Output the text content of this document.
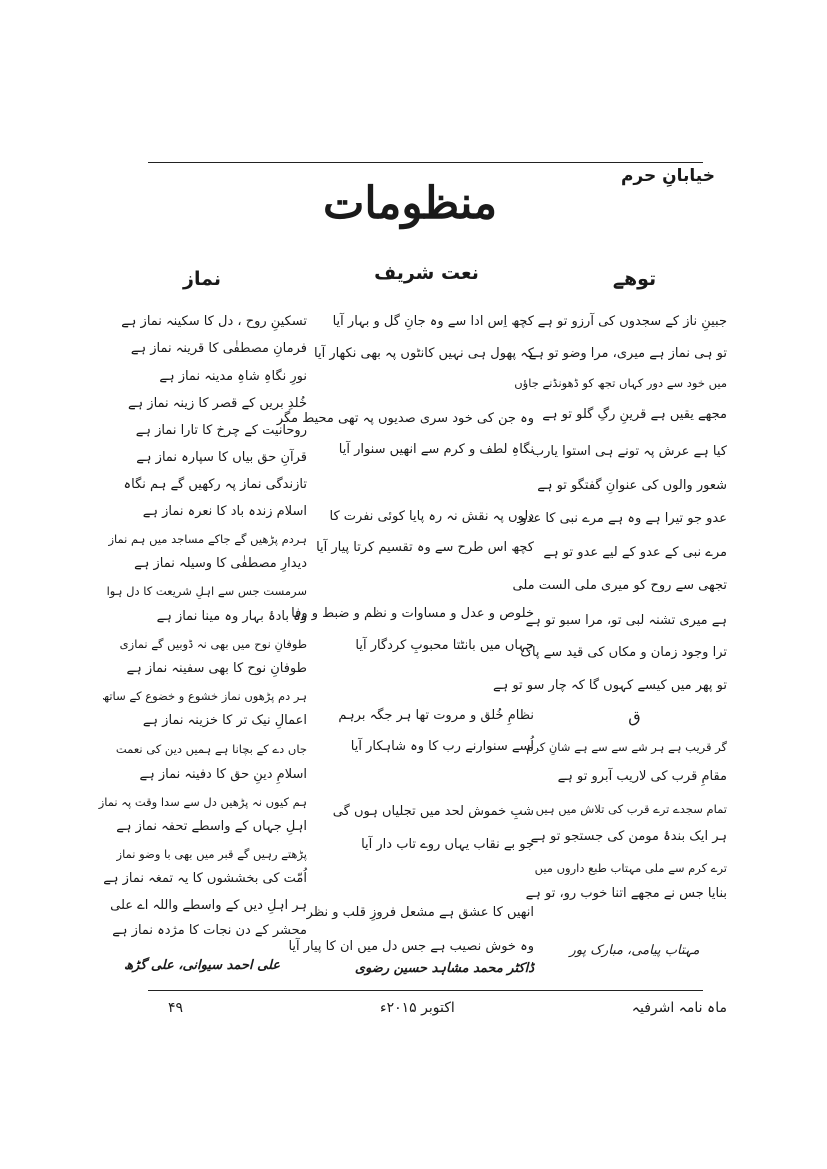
خیابانِ حرم
منظومات
توھے
نعت شریف
نماز
جبینِ ناز کے سجدوں کی آرزو تو ہے
تو ہی نماز ہے میری، مرا وضو تو ہے
میں خود سے دور کہاں تجھ کو ڈھونڈنے جاؤں
مجھے یقیں ہے قرینِ رگِ گلو تو ہے
کیا ہے عرش پہ تونے ہی استوا یارب
شعور والوں کی عنوانِ گفتگو تو ہے
عدو جو تیرا ہے وہ ہے مرے نبی کا عدو
مرے نبی کے عدو کے لیے عدو تو ہے
تجھی سے روح کو میری ملی الست ملی
ہے میری تشنہ لبی تو، مرا سبو تو ہے
ترا وجود زمان و مکاں کی قید سے پاک
تو پھر میں کیسے کہوں گا کہ چار سو تو ہے
ق
گر قریب ہے ہر شے سے سے ہے شانِ کرم
مقامِ قرب کی لاریب آبرو تو ہے
تمام سجدے ترے قرب کی تلاش میں ہیں
ہر ایک بندۂ مومن کی جستجو تو ہے
ترے کرم سے ملی مہتاب طبع داروں میں
بنایا جس نے مجھے اتنا خوب رو، تو ہے
مہتاب پیامی، مبارک پور
کچھ اِس ادا سے وہ جانِ گل و بہار آیا
کہ پھول ہی نہیں کانٹوں پہ بھی نکھار آیا
وہ جن کی خود سری صدیوں پہ تھی محیط مگر
نگاہِ لطف و کرم سے انھیں سنوار آیا
دلوں پہ نقش نہ رہ پایا کوئی نفرت کا
کچھ اس طرح سے وہ تقسیم کرتا پیار آیا
خلوص و عدل و مساوات و نظم و ضبط و وفا
جہاں میں بانٹتا محبوبِ کردگار آیا
نظامِ خُلق و مروت تھا ہر جگہ برہم
اُسے سنوارنے رب کا وہ شاہکار آیا
شبِ خموش لحد میں تجلیاں ہوں گی
جو بے نقاب یہاں روے تاب دار آیا
انھیں کا عشق ہے مشعل فروزِ قلب و نظر
وہ خوش نصیب ہے جس دل میں ان کا پیار آیا
ڈاکٹر محمد مشاہد حسین رضوی
تسکینِ روح ، دل کا سکینہ نماز ہے
فرمانِ مصطفٰی کا قرینہ نماز ہے
نورِ نگاہِ شاہِ مدینہ نماز ہے
خُلدِ بریں کے قصر کا زینہ نماز ہے
روحانیت کے چرخ کا تارا نماز ہے
قرآنِ حق بیاں کا سپارہ نماز ہے
تازندگی نماز پہ رکھیں گے ہم نگاہ
اسلام زندہ باد کا نعرہ نماز ہے
ہردم پڑھیں گے جاکے مساجد میں ہم نماز
دیدارِ مصطفٰی کا وسیلہ نماز ہے
سرمست جس سے اہلِ شریعت کا دل ہوا
وہ بادۂ بہار وہ مینا نماز ہے
طوفانِ نوح میں بھی نہ ڈوبیں گے نمازی
طوفانِ نوح کا بھی سفینہ نماز ہے
ہر دم پڑھوں نماز خشوع و خضوع کے ساتھ
اعمالِ نیک تر کا خزینہ نماز ہے
جاں دے کے بچانا ہے ہمیں دین کی نعمت
اسلامِ دینِ حق کا دفینہ نماز ہے
ہم کیوں نہ پڑھیں دل سے سدا وقت پہ نماز
اہلِ جہاں کے واسطے تحفہ نماز ہے
پڑھتے رہیں گے قبر میں بھی با وضو نماز
اُمّت کی بخششوں کا یہ تمغہ نماز ہے
ہر اہلِ دیں کے واسطے واللہ اے علی
محشر کے دن نجات کا مژدہ نماز ہے
علی احمد سیوانی، علی گڑھ
ماہ نامہ اشرفیہ
اکتوبر ۲۰۱۵ء
۴۹
